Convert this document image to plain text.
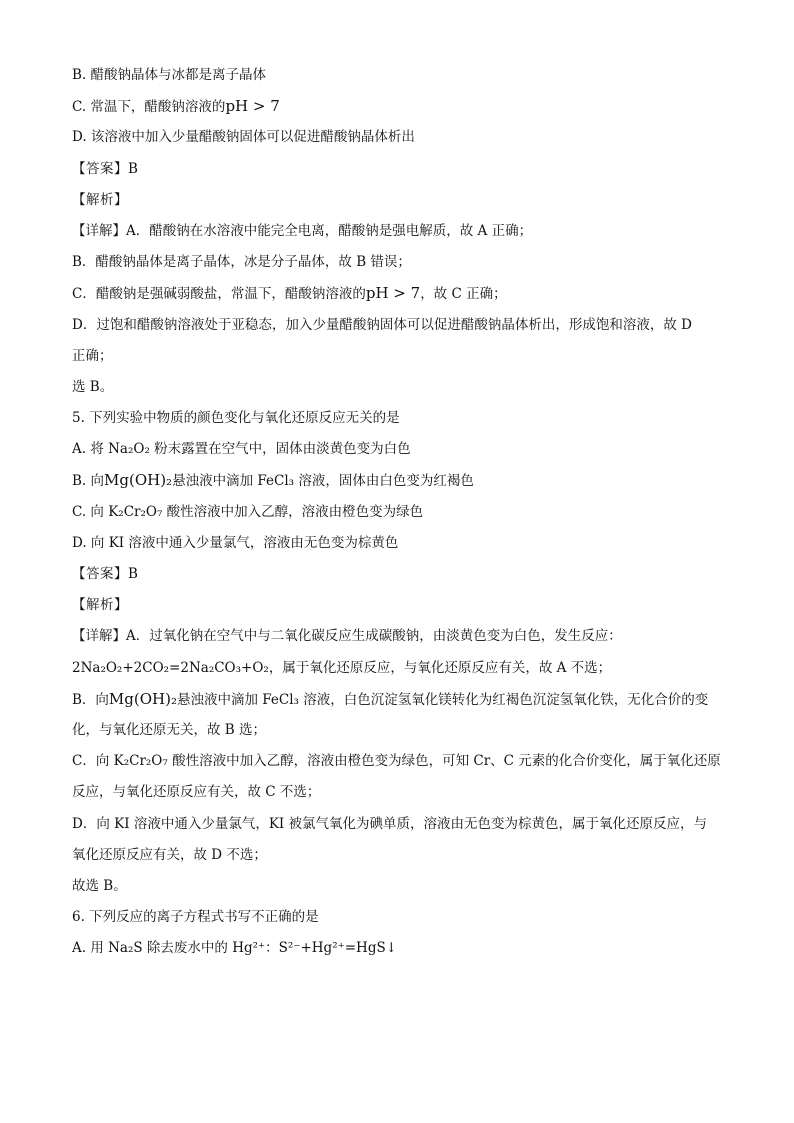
B. 醋酸钠晶体与冰都是离子晶体
C. 常温下，醋酸钠溶液的pH > 7
D. 该溶液中加入少量醋酸钠固体可以促进醋酸钠晶体析出
【答案】B
【解析】
【详解】A．醋酸钠在水溶液中能完全电离，醋酸钠是强电解质，故 A 正确；
B．醋酸钠晶体是离子晶体，冰是分子晶体，故 B 错误；
C．醋酸钠是强碱弱酸盐，常温下，醋酸钠溶液的pH > 7，故 C 正确；
D．过饱和醋酸钠溶液处于亚稳态，加入少量醋酸钠固体可以促进醋酸钠晶体析出，形成饱和溶液，故 D
正确；
选 B。
5. 下列实验中物质的颜色变化与氧化还原反应无关的是
A. 将 Na₂O₂ 粉末露置在空气中，固体由淡黄色变为白色
B. 向Mg(OH)₂悬浊液中滴加 FeCl₃ 溶液，固体由白色变为红褐色
C. 向 K₂Cr₂O₇ 酸性溶液中加入乙醇，溶液由橙色变为绿色
D. 向 KI 溶液中通入少量氯气，溶液由无色变为棕黄色
【答案】B
【解析】
【详解】A．过氧化钠在空气中与二氧化碳反应生成碳酸钠，由淡黄色变为白色，发生反应：
2Na₂O₂+2CO₂=2Na₂CO₃+O₂，属于氧化还原反应，与氧化还原反应有关，故 A 不选；
B．向Mg(OH)₂悬浊液中滴加 FeCl₃ 溶液，白色沉淀氢氧化镁转化为红褐色沉淀氢氧化铁，无化合价的变
化，与氧化还原无关，故 B 选；
C．向 K₂Cr₂O₇ 酸性溶液中加入乙醇，溶液由橙色变为绿色，可知 Cr、C 元素的化合价变化，属于氧化还原
反应，与氧化还原反应有关，故 C 不选；
D．向 KI 溶液中通入少量氯气，KI 被氯气氧化为碘单质，溶液由无色变为棕黄色，属于氧化还原反应，与
氧化还原反应有关，故 D 不选；
故选 B。
6. 下列反应的离子方程式书写不正确的是
A. 用 Na₂S 除去废水中的 Hg²⁺：S²⁻+Hg²⁺=HgS↓
